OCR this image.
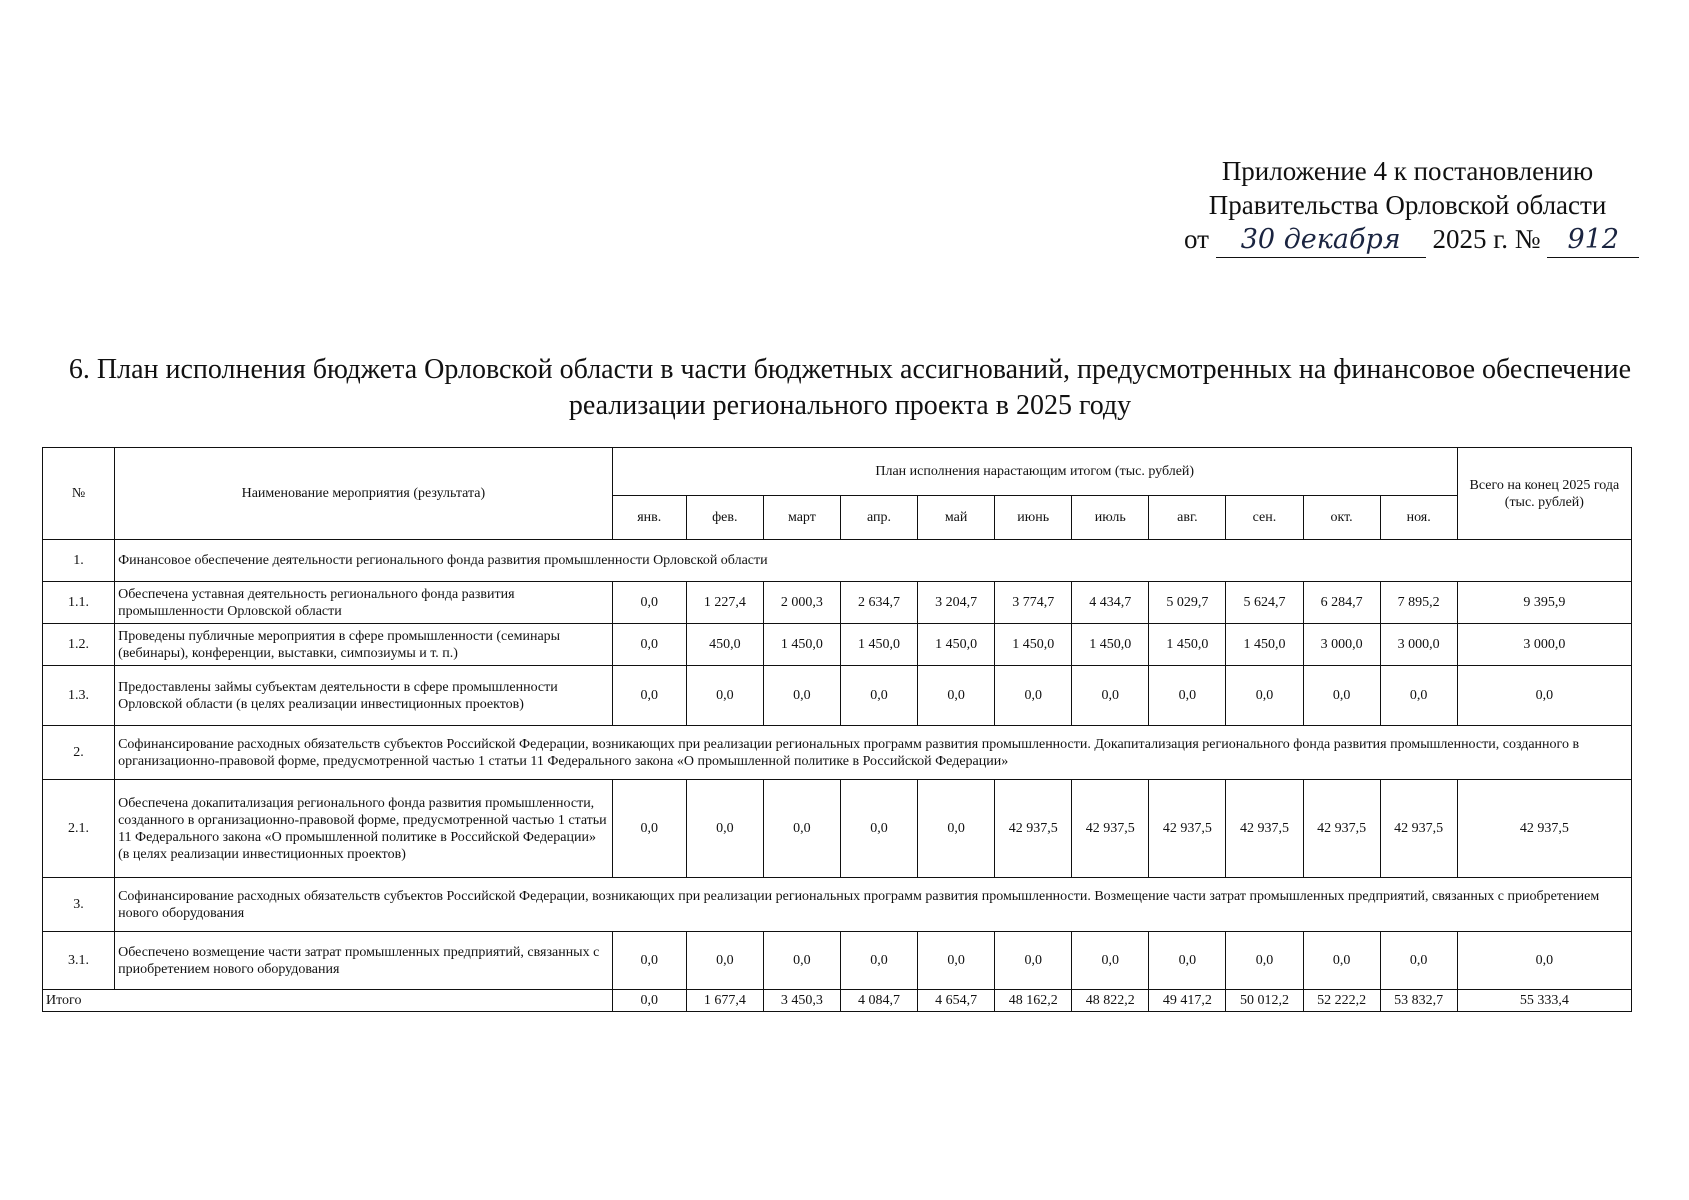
Приложение 4 к постановлению
Правительства Орловской области
от 30 декабря 2025 г. № 912
6. План исполнения бюджета Орловской области в части бюджетных ассигнований, предусмотренных на финансовое обеспечение реализации регионального проекта в 2025 году
№	Наименование мероприятия (результата)	План исполнения нарастающим итогом (тыс. рублей)											Всего на конец 2025 года (тыс. рублей)
		янв.	фев.	март	апр.	май	июнь	июль	авг.	сен.	окт.	ноя.	
1.	Финансовое обеспечение деятельности регионального фонда развития промышленности Орловской области												
1.1.	Обеспечена уставная деятельность регионального фонда развития промышленности Орловской области	0,0	1 227,4	2 000,3	2 634,7	3 204,7	3 774,7	4 434,7	5 029,7	5 624,7	6 284,7	7 895,2	9 395,9
1.2.	Проведены публичные мероприятия в сфере промышленности (семинары (вебинары), конференции, выставки, симпозиумы и т. п.)	0,0	450,0	1 450,0	1 450,0	1 450,0	1 450,0	1 450,0	1 450,0	1 450,0	3 000,0	3 000,0	3 000,0
1.3.	Предоставлены займы субъектам деятельности в сфере промышленности Орловской области (в целях реализации инвестиционных проектов)	0,0	0,0	0,0	0,0	0,0	0,0	0,0	0,0	0,0	0,0	0,0	0,0
2.	Софинансирование расходных обязательств субъектов Российской Федерации, возникающих при реализации региональных программ развития промышленности. Докапитализация регионального фонда развития промышленности, созданного в организационно-правовой форме, предусмотренной частью 1 статьи 11 Федерального закона «О промышленной политике в Российской Федерации»												
2.1.	Обеспечена докапитализация регионального фонда развития промышленности, созданного в организационно-правовой форме, предусмотренной частью 1 статьи 11 Федерального закона «О промышленной политике в Российской Федерации» (в целях реализации инвестиционных проектов)	0,0	0,0	0,0	0,0	0,0	42 937,5	42 937,5	42 937,5	42 937,5	42 937,5	42 937,5	42 937,5
3.	Софинансирование расходных обязательств субъектов Российской Федерации, возникающих при реализации региональных программ развития промышленности. Возмещение части затрат промышленных предприятий, связанных с приобретением нового оборудования												
3.1.	Обеспечено возмещение части затрат промышленных предприятий, связанных с приобретением нового оборудования	0,0	0,0	0,0	0,0	0,0	0,0	0,0	0,0	0,0	0,0	0,0	0,0
Итого		0,0	1 677,4	3 450,3	4 084,7	4 654,7	48 162,2	48 822,2	49 417,2	50 012,2	52 222,2	53 832,7	55 333,4
